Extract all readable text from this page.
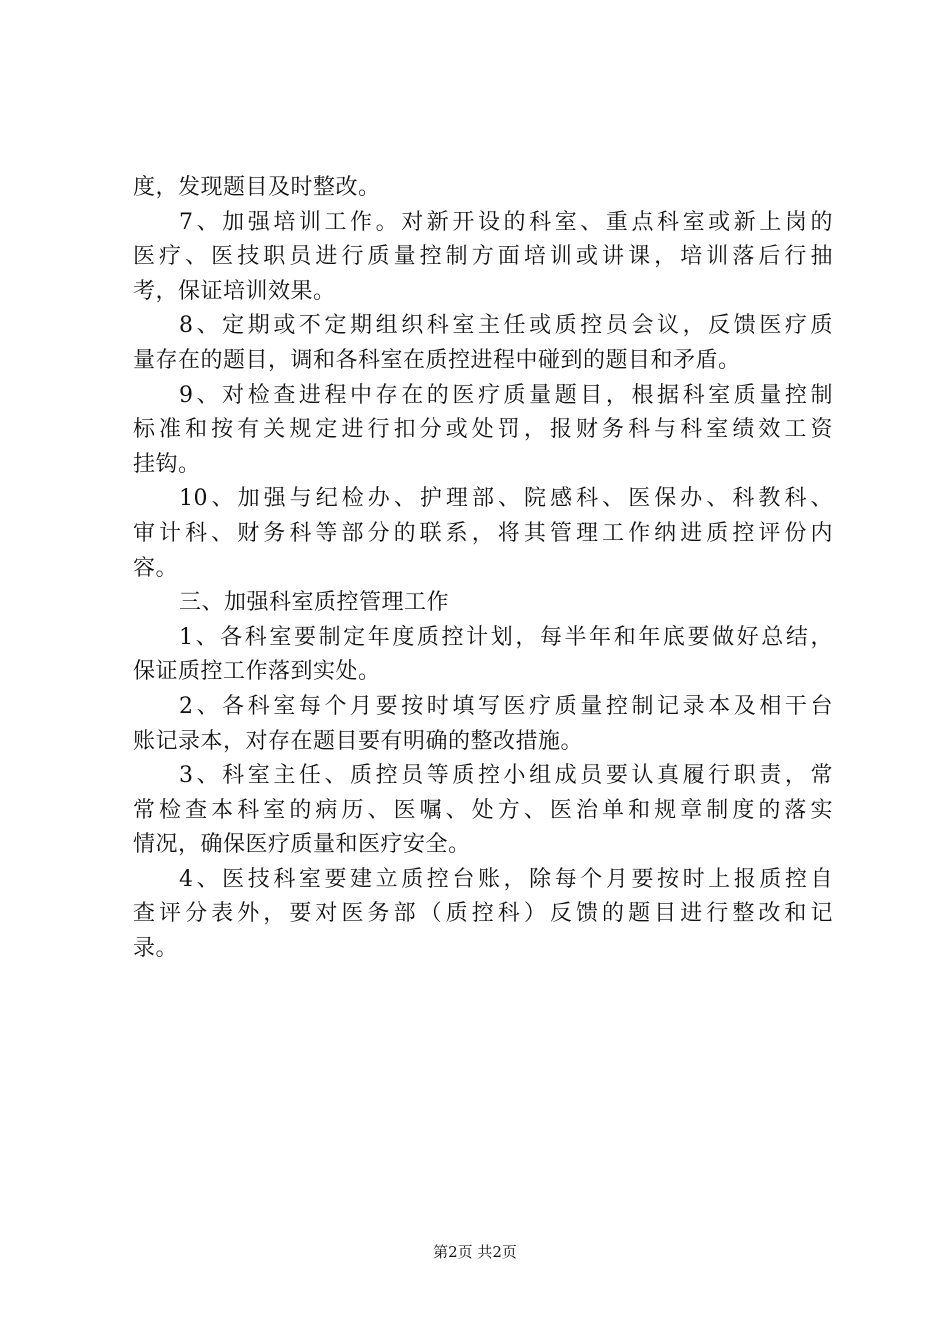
度，发现题目及时整改。
7、加强培训工作。对新开设的科室、重点科室或新上岗的
医疗、医技职员进行质量控制方面培训或讲课，培训落后行抽
考，保证培训效果。
8、定期或不定期组织科室主任或质控员会议，反馈医疗质
量存在的题目，调和各科室在质控进程中碰到的题目和矛盾。
9、对检查进程中存在的医疗质量题目，根据科室质量控制
标准和按有关规定进行扣分或处罚，报财务科与科室绩效工资
挂钩。
10、加强与纪检办、护理部、院感科、医保办、科教科、
审计科、财务科等部分的联系，将其管理工作纳进质控评份内
容。
三、加强科室质控管理工作
1、各科室要制定年度质控计划，每半年和年底要做好总结，
保证质控工作落到实处。
2、各科室每个月要按时填写医疗质量控制记录本及相干台
账记录本，对存在题目要有明确的整改措施。
3、科室主任、质控员等质控小组成员要认真履行职责，常
常检查本科室的病历、医嘱、处方、医治单和规章制度的落实
情况，确保医疗质量和医疗安全。
4、医技科室要建立质控台账，除每个月要按时上报质控自
查评分表外，要对医务部（质控科）反馈的题目进行整改和记
录。
第2页 共2页
